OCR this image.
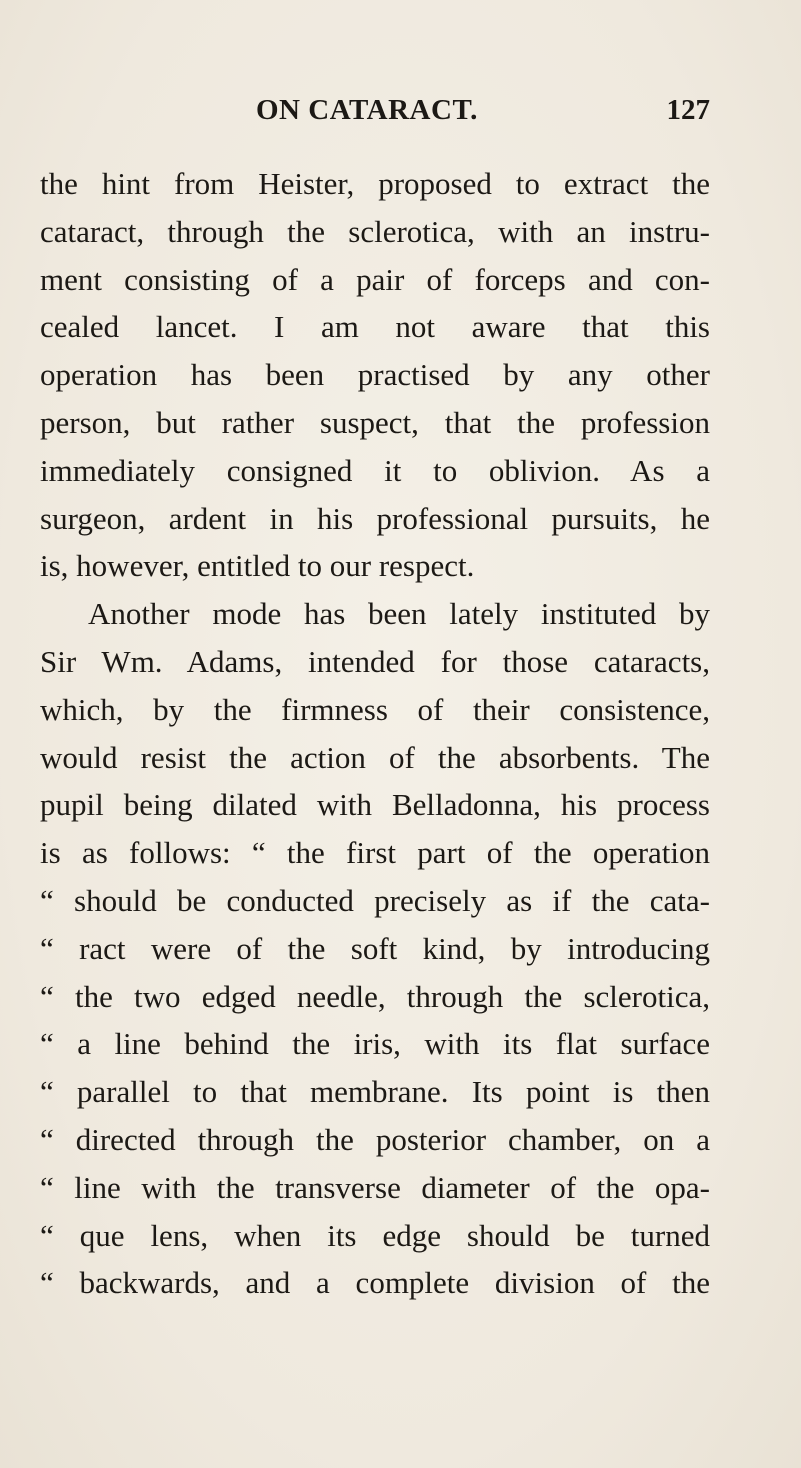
ON CATARACT.	127
the hint from Heister, proposed to extract the
cataract, through the sclerotica, with an instru-
ment consisting of a pair of forceps and con-
cealed lancet. I am not aware that this
operation has been practised by any other
person, but rather suspect, that the profession
immediately consigned it to oblivion. As a
surgeon, ardent in his professional pursuits, he
is, however, entitled to our respect.
Another mode has been lately instituted by
Sir Wm. Adams, intended for those cataracts,
which, by the firmness of their consistence,
would resist the action of the absorbents. The
pupil being dilated with Belladonna, his process
is as follows: “ the first part of the operation
“ should be conducted precisely as if the cata-
“ ract were of the soft kind, by introducing
“ the two edged needle, through the sclerotica,
“ a line behind the iris, with its flat surface
“ parallel to that membrane. Its point is then
“ directed through the posterior chamber, on a
“ line with the transverse diameter of the opa-
“ que lens, when its edge should be turned
“ backwards, and a complete division of the
